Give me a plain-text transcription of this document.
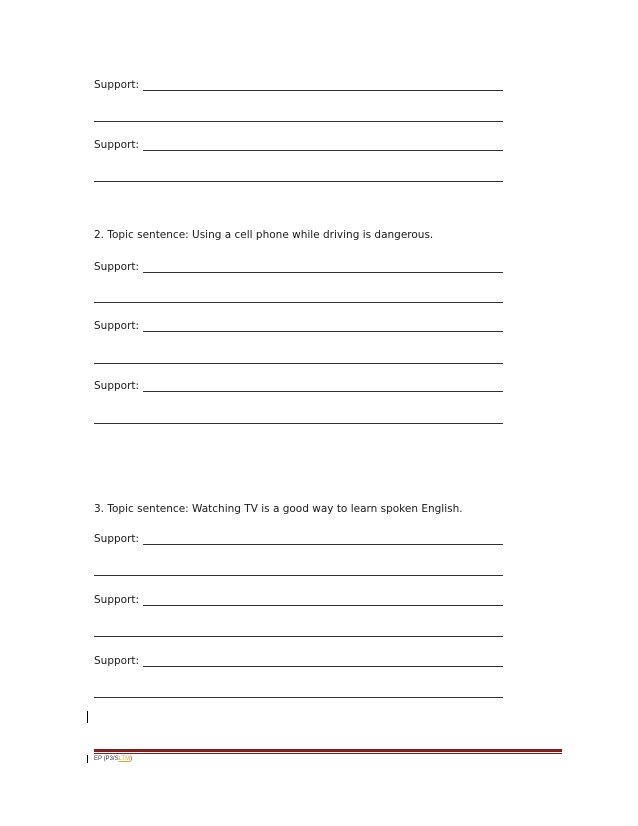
Support:
Support:
2. Topic sentence: Using a cell phone while driving is dangerous.
Support:
Support:
Support:
3. Topic sentence: Watching TV is a good way to learn spoken English.
Support:
Support:
Support:
EP (P3/SLTM)
